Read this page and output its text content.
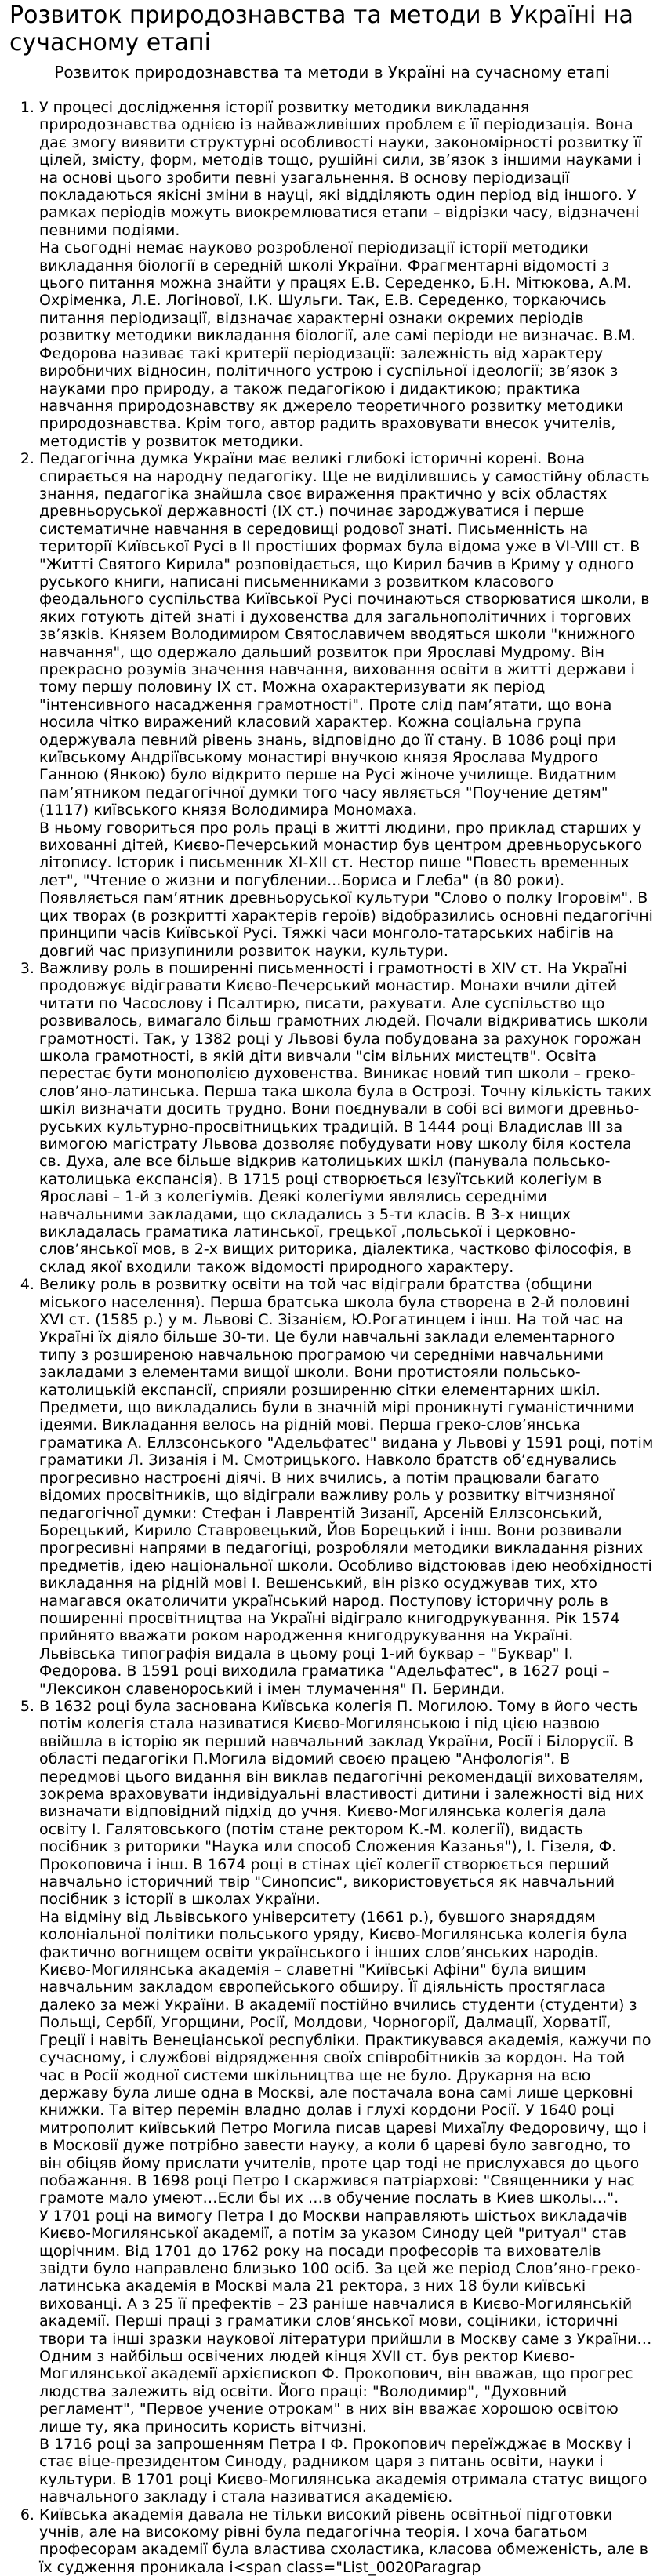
Розвиток природознавства та методи в Україні на сучасному етапі
Розвиток природознавства та методи в Україні на сучасному етапі
1. У процесі дослідження історії розвитку методики викладання природознавства однією із найважливіших проблем є її періодизація. Вона дає змогу виявити структурні особливості науки, закономірності розвитку її цілей, змісту, форм, методів тощо, рушійні сили, зв’язок з іншими науками і на основі цього зробити певні узагальнення. В основу періодизації покладаються якісні зміни в науці, які відділяють один період від іншого. У рамках періодів можуть виокремлюватися етапи – відрізки часу, відзначені певними подіями.

На сьогодні немає науково розробленої періодизації історії методики викладання біології в середній школі України. Фрагментарні відомості з цього питання можна знайти у працях Е.В. Середенко, Б.Н. Мітюкова, А.М. Охріменка, Л.Е. Логінової, І.К. Шульги. Так, Е.В. Середенко, торкаючись питання періодизації, відзначає характерні ознаки окремих періодів розвитку методики викладання біології, але самі періоди не визначає. В.М. Федорова називає такі критерії періодизації: залежність від характеру виробничих відносин, політичного устрою і суспільної ідеології; зв’язок з науками про природу, а також педагогікою і дидактикою; практика навчання природознавству як джерело теоретичного розвитку методики природознавства. Крім того, автор радить враховувати внесок учителів, методистів у розвиток методики.

2. Педагогічна думка України має великі глибокі історичні корені. Вона спирається на народну педагогіку. Ще не виділившись у самостійну область знання, педагогіка знайшла своє вираження практично у всіх областях древньоруської державності (IX ст.) починає зароджуватися і перше систематичне навчання в середовищі родової знаті. Письменність на території Київської Русі в ІІ простіших формах була відома уже в VІ-VІІІ ст. В "Житті Святого Кирила" розповідається, що Кирил бачив в Криму у одного руського книги, написані письменниками з розвитком класового феодального суспільства Київської Русі починаються створюватися школи, в яких готують дітей знаті і духовенства для загальнополітичних і торгових зв’язків. Князем Володимиром Святославичем вводяться школи "книжного навчання", що одержало дальший розвиток при Ярославі Мудрому. Він прекрасно розумів значення навчання, виховання освіти в житті держави і тому першу половину ІХ ст. Можна охарактеризувати як період "інтенсивного насадження грамотності". Проте слід пам’ятати, що вона носила чітко виражений класовий характер. Кожна соціальна група одержувала певний рівень знань, відповідно до її стану. В 1086 році при київському Андріївському монастирі внучкою князя Ярослава Мудрого Ганною (Янкою) було відкрито перше на Русі жіноче училище. Видатним пам’ятником педагогічної думки того часу являється "Поучение детям" (1117) київського князя Володимира Мономаха.

В ньому говориться про роль праці в житті людини, про приклад старших у вихованні дітей, Києво-Печерський монастир був центром древньоруського літопису. Історик і письменник ХІ-ХІІ ст. Нестор пише "Повесть временных лет", "Чтение о жизни и погублении...Бориса и Глеба" (в 80 роки). Появляється пам’ятник древньоруської культури "Слово о полку Ігоровім". В цих творах (в розкритті характерів героїв) відобразились основні педагогічні принципи часів Київської Русі. Тяжкі часи монголо-татарських набігів на довгий час призупинили розвиток науки, культури.

3. Важливу роль в поширенні письменності і грамотності в ХІV ст. На Україні продовжує відігравати Києво-Печерський монастир. Монахи вчили дітей читати по Часослову і Псалтирю, писати, рахувати. Але суспільство що розвивалось, вимагало більш грамотних людей. Почали відкриватись школи грамотності. Так, у 1382 році у Львові була побудована за рахунок горожан школа грамотності, в якій діти вивчали "сім вільних мистецтв". Освіта перестає бути монополією духовенства. Виникає новий тип школи – греко-слов’яно-латинська. Перша така школа була в Острозі. Точну кількість таких шкіл визначати досить трудно. Вони поєднували в собі всі вимоги древньо-руських культурно-просвітницьких традицій. В 1444 році Владислав ІІІ за вимогою магістрату Львова дозволяє побудувати нову школу біля костела св. Духа, але все більше відкрив католицьких шкіл (панувала польсько-католицька експансія). В 1715 році створюється Ієзуїтський колегіум в Ярославі – 1-й з колегіумів. Деякі колегіуми являлись середніми навчальними закладами, що складались з 5-ти класів. В 3-х нищих викладалась граматика латинської, грецької ,польської і церковно-слов’янської мов, в 2-х вищих риторика, діалектика, частково філософія, в склад якої входили також відомості природного характеру.
4. Велику роль в розвитку освіти на той час відіграли братства (общини міського населення). Перша братська школа була створена в 2-й половині ХVІ ст. (1585 р.) у м. Львові С. Зізанієм, Ю.Рогатинцем і інш. На той час на Україні їх діяло більше 30-ти. Це були навчальні заклади елементарного типу з розширеною навчальною програмою чи середніми навчальними закладами з елементами вищої школи. Вони протистояли польсько-католицькій експансії, сприяли розширенню сітки елементарних шкіл. Предмети, що викладались були в значній мірі проникнуті гуманістичними ідеями. Викладання велось на рідній мові. Перша греко-слов’янська граматика А. Еллзсонського "Адельфатес" видана у Львові у 1591 році, потім граматики Л. Зизанія і М. Смотрицького. Навколо братств об’єднувались прогресивно настроєні діячі. В них вчились, а потім працювали багато відомих просвітників, що відіграли важливу роль у розвитку вітчизняної педагогічної думки: Стефан і Лаврентій Зизанії, Арсеній Еллзсонський, Борецький, Кирило Ставровецький, Йов Борецький і інш. Вони розвивали прогресивні напрями в педагогіці, розробляли методики викладання різних предметів, ідею національної школи. Особливо відстоював ідею необхідності викладання на рідній мові І. Вешенський, він різко осуджував тих, хто намагався окатоличити український народ. Поступову історичну роль в поширенні просвітництва на Україні відіграло книгодрукування. Рік 1574 прийнято вважати роком народження книгодрукування на Україні. Львівська типографія видала в цьому році 1-ий буквар – "Буквар" І. Федорова. В 1591 році виходила граматика "Адельфатес", в 1627 році – "Лексикон славенороський і імен тлумачення" П. Беринди.
5. В 1632 році була заснована Київська колегія П. Могилою. Тому в його честь потім колегія стала називатися Києво-Могилянською і під цією назвою ввійшла в історію як перший навчальний заклад України, Росії і Білорусії. В області педагогіки П.Могила відомий своєю працею "Анфологія". В передмові цього видання він виклав педагогічні рекомендації вихователям, зокрема враховувати індивідуальні властивості дитини і залежності від них визначати відповідний підхід до учня. Києво-Могилянська колегія дала освіту І. Галятовського (потім стане ректором К.-М. колегії), видасть посібник з риторики "Наука или способ Сложения Казанья"), І. Гізеля, Ф. Прокоповича і інш. В 1674 році в стінах цієї колегії створюється перший навчально історичний твір "Синопсис", використовується як навчальний посібник з історії в школах України.

На відміну від Львівського університету (1661 р.), бувшого знаряддям колоніальної політики польського уряду, Києво-Могилянська колегія була фактично вогнищем освіти українського і інших слов’янських народів. Києво-Могилянська академія – славетні "Київські Афіни" була вищим навчальним закладом європейського обширу. Її діяльність простягласа далеко за межі України. В академії постійно вчились студенти (студенти) з Польщі, Сербії, Угорщини, Росії, Молдови, Чорногорії, Далмації, Хорватії, Греції і навіть Венеціанської республіки. Практикувався академія, кажучи по сучасному, і службові відрядження своїх співробітників за кордон. На той час в Росії жодної системи шкільництва ще не було. Друкарня на всю державу була лише одна в Москві, але постачала вона самі лише церковні книжки. Та вітер перемін владно долав і глухі кордони Росії. У 1640 році митрополит київський Петро Могила писав цареві Михаїлу Федоровичу, що і в Московії дуже потрібно завести науку, а коли б цареві було завгодно, то він обіцяв йому прислати учителів, проте цар тоді не прислухався до цього побажання. В 1698 році Петро І скаржився патріархові: "Священники у нас грамоте мало умеют…Если бы их …в обучение послать в Киев школы…".

У 1701 році на вимогу Петра І до Москви направляють шістьох викладачів Києво-Могилянської академії, а потім за указом Синоду цей "ритуал" став щорічним. Від 1701 до 1762 року на посади професорів та вихователів звідти було направлено близько 100 осіб. За цей же період Слов’яно-греко-латинська академія в Москві мала 21 ректора, з них 18 були київські вихованці. А з 25 її префектів – 23 раніше навчалися в Києво-Могилянській академії. Перші праці з граматики слов’янської мови, соціники, історичні твори та інші зразки наукової літератури прийшли в Москву саме з України…

Одним з найбільш освічених людей кінця ХVІІ ст. був ректор Києво-Могилянської академії архієпископ Ф. Прокопович, він вважав, що прогрес людства залежить від освіти. Його праці: "Володимир", "Духовний регламент", "Первое учение отрокам" в них він вважає хорошою освітою лише ту, яка приносить користь вітчизні.

В 1716 році за запрошенням Петра І Ф. Прокопович переїжджає в Москву і стає віце-президентом Синоду, радником царя з питань освіти, науки і культури. В 1701 році Києво-Могилянська академія отримала статус вищого навчального закладу і стала називатися академією.

6. Київська академія давала не тільки високий рівень освітньої підготовки учнів, але на високому рівні була педагогічна теорія. І хоча багатьом професорам академії була властива схоластика, класова обмеженість, але в їх судження проникала і<span class="List_0020Paragrap
